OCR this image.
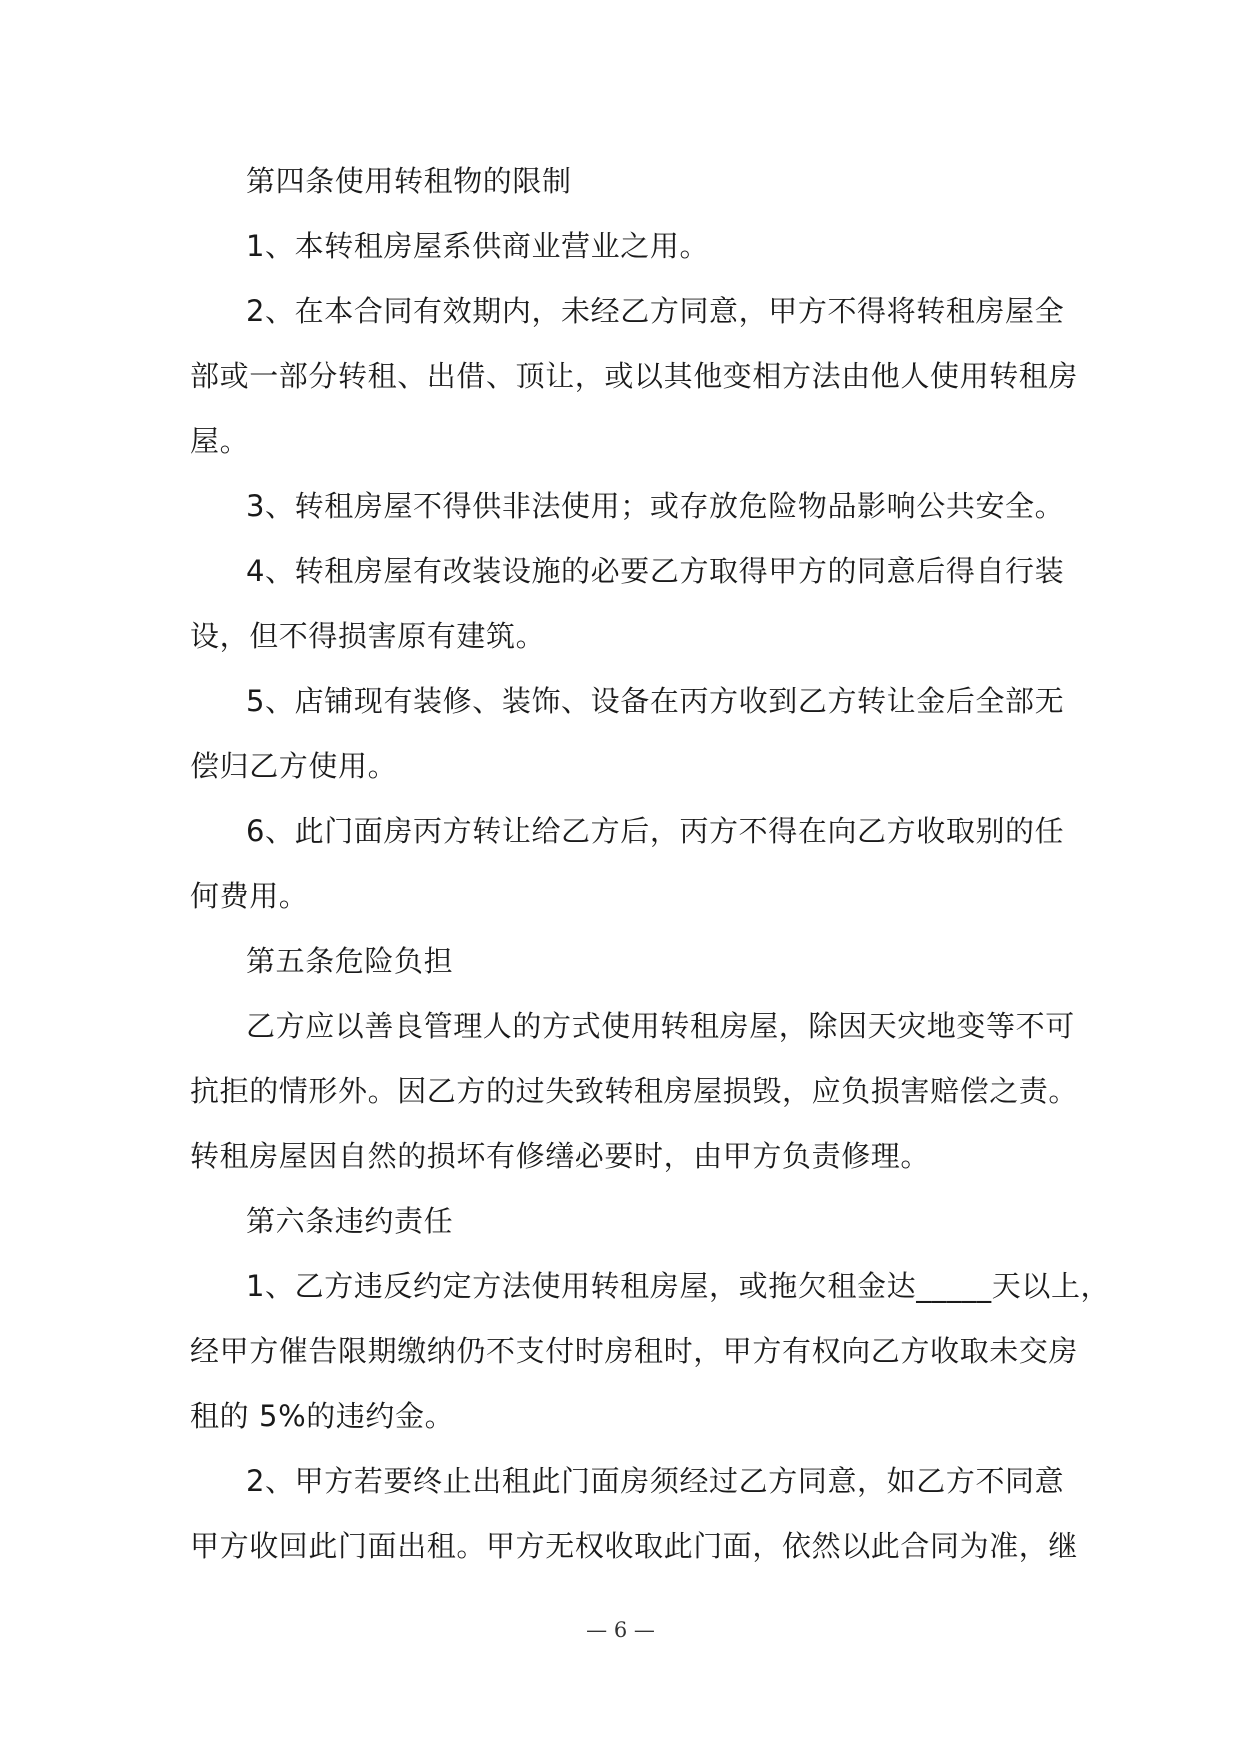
第四条使用转租物的限制
1、本转租房屋系供商业营业之用。
2、在本合同有效期内，未经乙方同意，甲方不得将转租房屋全
部或一部分转租、出借、顶让，或以其他变相方法由他人使用转租房
屋。
3、转租房屋不得供非法使用；或存放危险物品影响公共安全。
4、转租房屋有改装设施的必要乙方取得甲方的同意后得自行装
设，但不得损害原有建筑。
5、店铺现有装修、装饰、设备在丙方收到乙方转让金后全部无
偿归乙方使用。
6、此门面房丙方转让给乙方后，丙方不得在向乙方收取别的任
何费用。
第五条危险负担
乙方应以善良管理人的方式使用转租房屋，除因天灾地变等不可
抗拒的情形外。因乙方的过失致转租房屋损毁，应负损害赔偿之责。
转租房屋因自然的损坏有修缮必要时，由甲方负责修理。
第六条违约责任
1、乙方违反约定方法使用转租房屋，或拖欠租金达_____天以上，
经甲方催告限期缴纳仍不支付时房租时，甲方有权向乙方收取未交房
租的 5%的违约金。
2、甲方若要终止出租此门面房须经过乙方同意，如乙方不同意
甲方收回此门面出租。甲方无权收取此门面，依然以此合同为准，继
— 6 —
